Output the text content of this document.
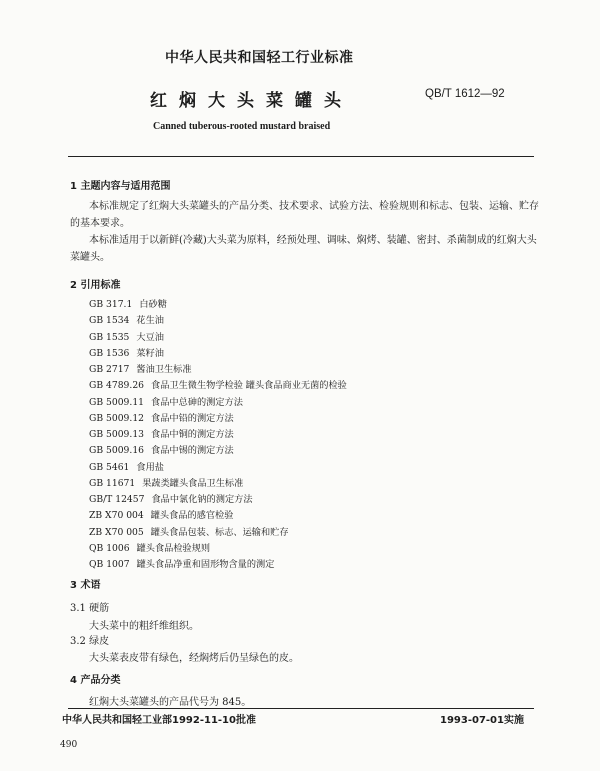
中华人民共和国轻工行业标准
红焖大头菜罐头	QB/T 1612—92
Canned tuberous-rooted mustard braised
1 主题内容与适用范围
本标准规定了红焖大头菜罐头的产品分类、技术要求、试验方法、检验规则和标志、包装、运输、贮存
的基本要求。
本标准适用于以新鲜(冷藏)大头菜为原料，经预处理、调味、焖烤、装罐、密封、杀菌制成的红焖大头
菜罐头。
2 引用标准
GB 317.1 白砂糖
GB 1534 花生油
GB 1535 大豆油
GB 1536 菜籽油
GB 2717 酱油卫生标准
GB 4789.26 食品卫生微生物学检验 罐头食品商业无菌的检验
GB 5009.11 食品中总砷的测定方法
GB 5009.12 食品中铅的测定方法
GB 5009.13 食品中铜的测定方法
GB 5009.16 食品中锡的测定方法
GB 5461 食用盐
GB 11671 果蔬类罐头食品卫生标准
GB/T 12457 食品中氯化钠的测定方法
ZB X70 004 罐头食品的感官检验
ZB X70 005 罐头食品包装、标志、运输和贮存
QB 1006 罐头食品检验规则
QB 1007 罐头食品净重和固形物含量的测定
3 术语
3.1 硬筋
大头菜中的粗纤维组织。
3.2 绿皮
大头菜表皮带有绿色，经焖烤后仍呈绿色的皮。
4 产品分类
红焖大头菜罐头的产品代号为 845。
中华人民共和国轻工业部1992-11-10批准	1993-07-01实施
490
